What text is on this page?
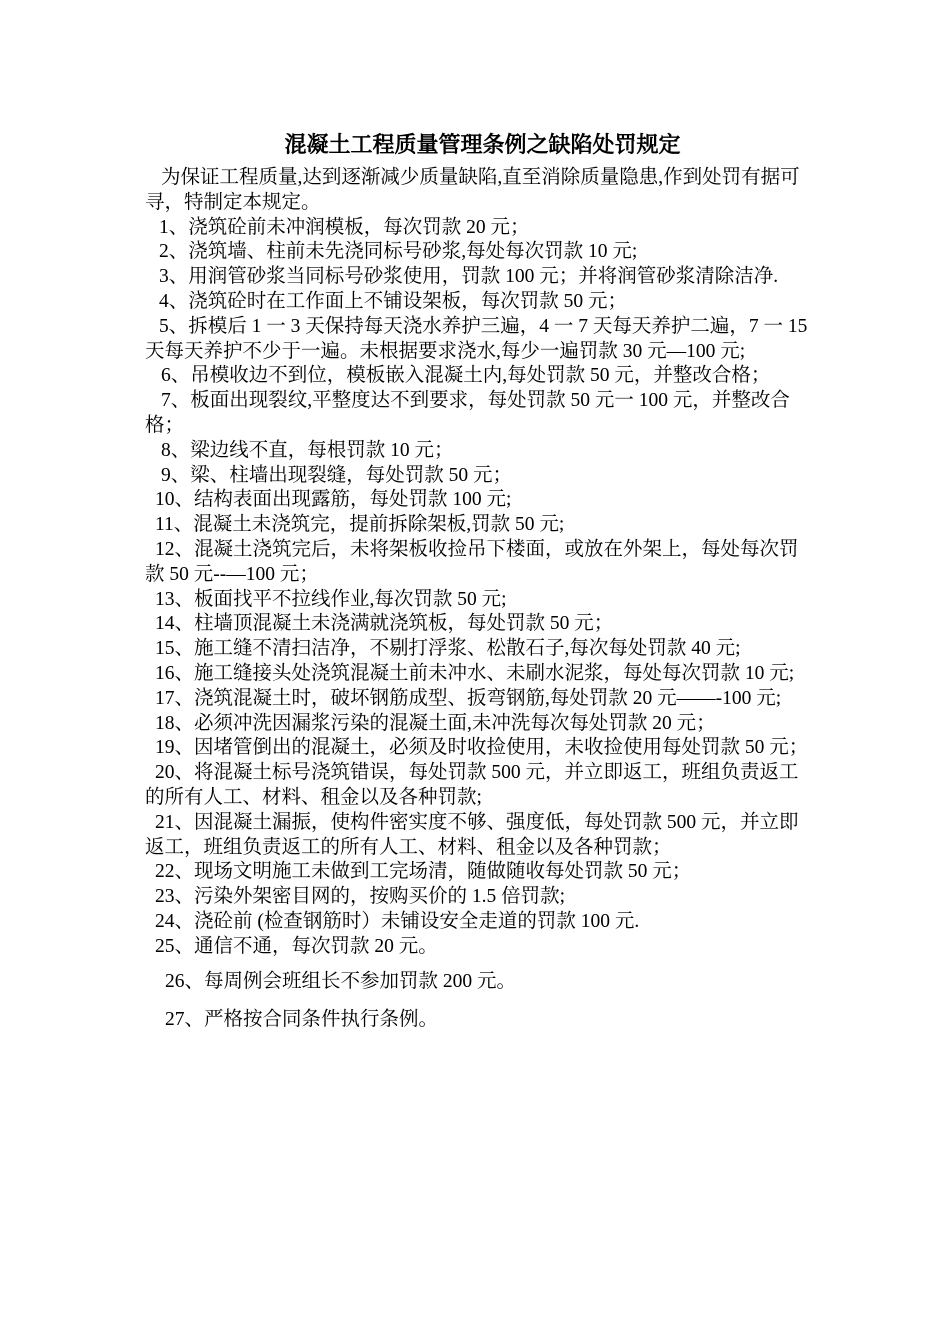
混凝土工程质量管理条例之缺陷处罚规定

为保证工程质量,达到逐渐减少质量缺陷,直至消除质量隐患,作到处罚有据可寻，特制定本规定。

1、浇筑砼前未冲润模板，每次罚款 20 元；

2、浇筑墙、柱前未先浇同标号砂浆,每处每次罚款 10 元;

3、用润管砂浆当同标号砂浆使用，罚款 100 元；并将润管砂浆清除洁净.

4、浇筑砼时在工作面上不铺设架板，每次罚款 50 元；

5、拆模后 1 一 3 天保持每天浇水养护三遍，4 一 7 天每天养护二遍，7 一 15 天每天养护不少于一遍。未根据要求浇水,每少一遍罚款 30 元—100 元;

6、吊模收边不到位，模板嵌入混凝土内,每处罚款 50 元，并整改合格；

7、板面出现裂纹,平整度达不到要求，每处罚款 50 元一 100 元，并整改合格；

8、梁边线不直，每根罚款 10 元；

9、梁、柱墙出现裂缝，每处罚款 50 元；

10、结构表面出现露筋，每处罚款 100 元;

11、混凝土未浇筑完，提前拆除架板,罚款 50 元;

12、混凝土浇筑完后，未将架板收捡吊下楼面，或放在外架上，每处每次罚款 50 元--—100 元；

13、板面找平不拉线作业,每次罚款 50 元;

14、柱墙顶混凝土未浇满就浇筑板，每处罚款 50 元；

15、施工缝不清扫洁净，不剔打浮浆、松散石子,每次每处罚款 40 元;

16、施工缝接头处浇筑混凝土前未冲水、未刷水泥浆，每处每次罚款 10 元;

17、浇筑混凝土时，破坏钢筋成型、扳弯钢筋,每处罚款 20 元——-100 元;

18、必须冲洗因漏浆污染的混凝土面,未冲洗每次每处罚款 20 元；

19、因堵管倒出的混凝土，必须及时收捡使用，未收捡使用每处罚款 50 元；

20、将混凝土标号浇筑错误，每处罚款 500 元，并立即返工，班组负责返工的所有人工、材料、租金以及各种罚款;

21、因混凝土漏振，使构件密实度不够、强度低，每处罚款 500 元，并立即返工，班组负责返工的所有人工、材料、租金以及各种罚款；

22、现场文明施工未做到工完场清，随做随收每处罚款 50 元；

23、污染外架密目网的，按购买价的 1.5 倍罚款;

24、浇砼前 (检查钢筋时）未铺设安全走道的罚款 100 元.

25、通信不通，每次罚款 20 元。

26、每周例会班组长不参加罚款 200 元。

27、严格按合同条件执行条例。
